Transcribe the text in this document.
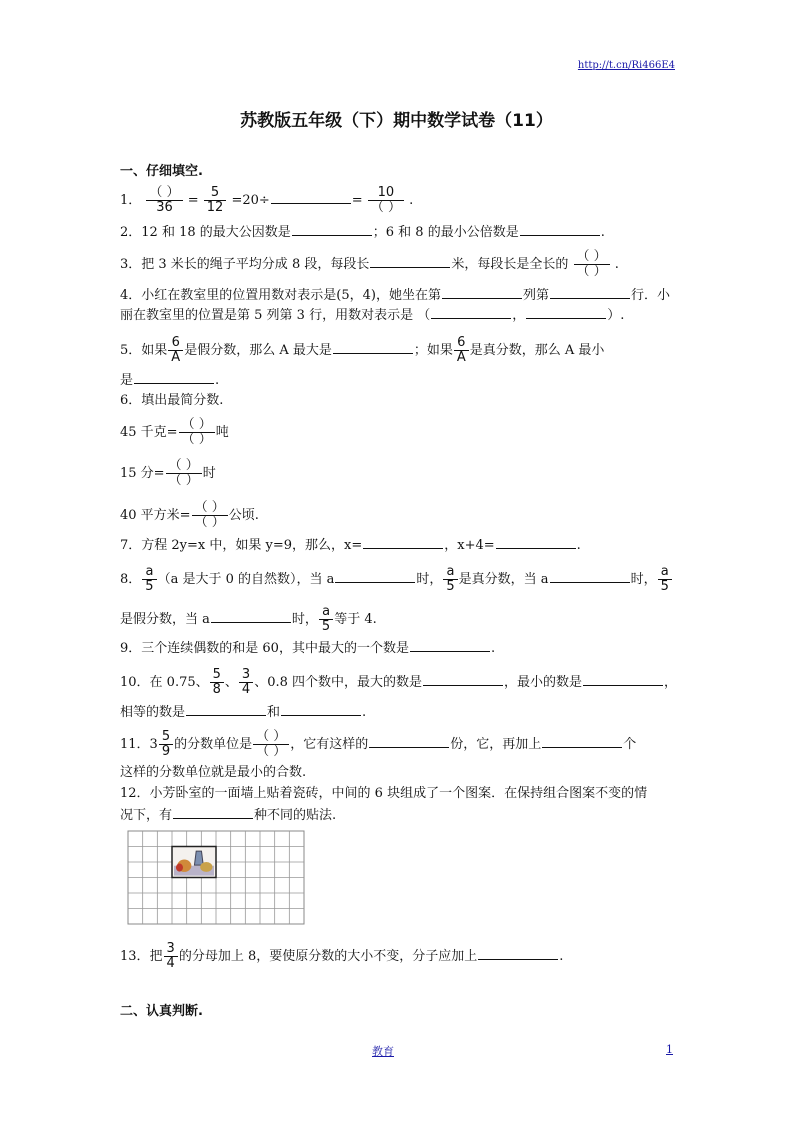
http://t.cn/Ri466E4
苏教版五年级（下）期中数学试卷（11）
一、仔细填空.
1． $\frac{( )}{36} = \frac{5}{12} =20\div$	= $\frac{10}{( )}$ .
2．12 和 18 的最大公因数是	；6 和 8 的最小公倍数是	.
3．把 3 米长的绳子平均分成 8 段，每段长	米，每段长是全长的 $\frac{( )}{( )}$ .
4．小红在教室里的位置用数对表示是(5，4)，她坐在第	列第	行．小
丽在教室里的位置是第 5 列第 3 行，用数对表示是 （	，	）.
5．如果 $\frac{6}{A}$ 是假分数，那么 A 最大是	；如果 $\frac{6}{A}$ 是真分数，那么 A 最小
是	.
6．填出最简分数.
45 千克= $\frac{( )}{( )}$ 吨
15 分= $\frac{( )}{( )}$ 时
40 平方米= $\frac{( )}{( )}$ 公顷.
7．方程 2y=x 中，如果 y=9，那么，x=	，x+4=	.
8． $\frac{a}{5} (a$ 是大于 0 的自然数），当 a	时， $\frac{a}{5}$ 是真分数，当 a	时， $\frac{a}{5}$
是假分数，当 a	时， $\frac{a}{5}$ 等于 4.
9．三个连续偶数的和是 60，其中最大的一个数是	.
10．在 0.75、 $\frac{5}{8}$ 、 $\frac{3}{4}$ 、0.8 四个数中，最大的数是	，最小的数是	，
相等的数是	和	.
11．$3 \frac{5}{9}$ 的分数单位是 $\frac{( )}{( )}$ ，它有这样的	份，它，再加上	个
这样的分数单位就是最小的合数.
12．小芳卧室的一面墙上贴着瓷砖，中间的 6 块组成了一个图案．在保持组合图案不变的情
况下，有	种不同的贴法.
13．把 $\frac{3}{4}$ 的分母加上 8，要使原分数的大小不变，分子应加上	.
二、认真判断.
教育	1
